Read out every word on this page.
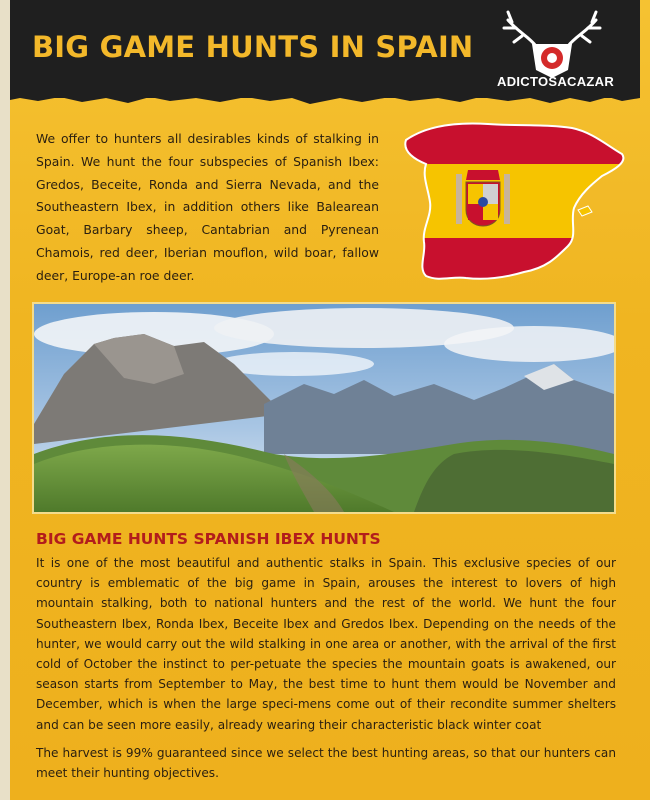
BIG GAME HUNTS IN SPAIN
ADICTOSACAZAR
We offer to hunters all desirables kinds of stalking in Spain. We hunt the four subspecies of Spanish Ibex: Gredos, Beceite, Ronda and Sierra Nevada, and the Southeastern Ibex, in addition others like Balearean Goat, Barbary sheep, Cantabrian and Pyrenean Chamois, red deer, Iberian mouflon, wild boar, fallow deer, Europe-an roe deer.
BIG GAME HUNTS SPANISH IBEX HUNTS
It is one of the most beautiful and authentic stalks in Spain. This exclusive species of our country is emblematic of the big game in Spain, arouses the interest to lovers of high mountain stalking, both to national hunters and the rest of the world. We hunt the four Southeastern Ibex, Ronda Ibex, Beceite Ibex and Gredos Ibex. Depending on the needs of the hunter, we would carry out the wild stalking in one area or another, with the arrival of the first cold of October the instinct to per-petuate the species the mountain goats is awakened, our season starts from September to May, the best time to hunt them would be November and December, which is when the large speci-mens come out of their recondite summer shelters and can be seen more easily, already wearing their characteristic black winter coat
The harvest is 99% guaranteed since we select the best hunting areas, so that our hunters can meet their hunting objectives.
